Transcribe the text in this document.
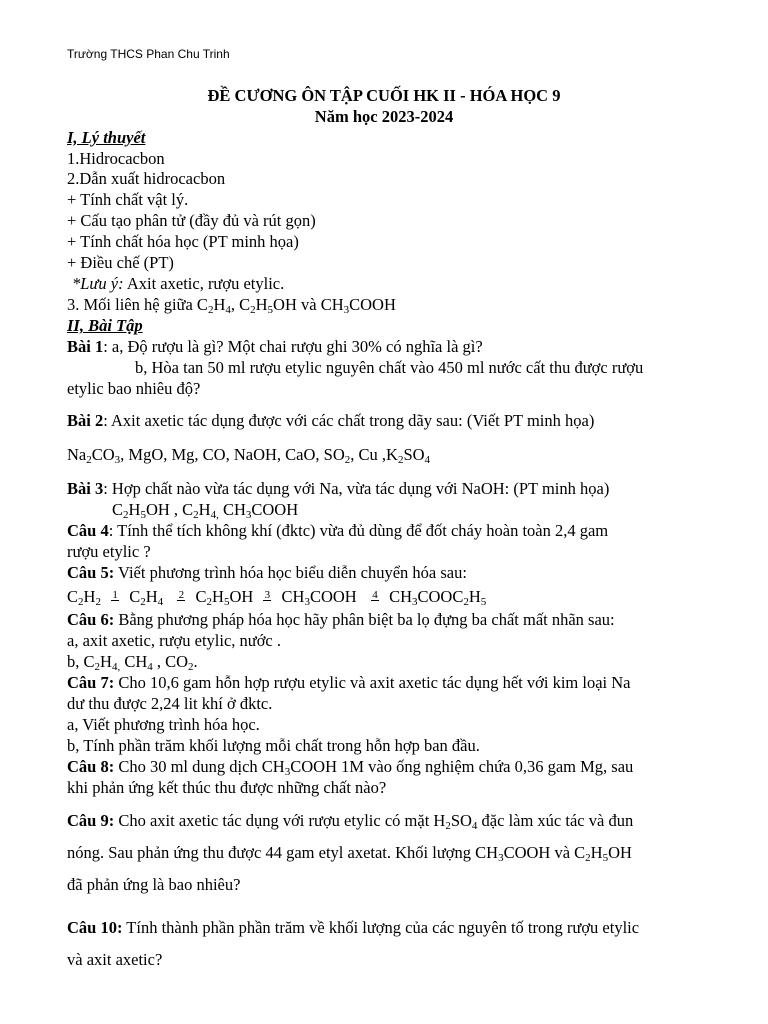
Trường THCS Phan Chu Trinh
ĐỀ CƯƠNG ÔN TẬP CUỐI HK II - HÓA HỌC 9
Năm học 2023-2024
I, Lý thuyết
1.Hidrocacbon
2.Dẫn xuất hidrocacbon
+ Tính chất vật lý.
+ Cấu tạo phân tử (đầy đủ và rút gọn)
+ Tính chất hóa học (PT minh họa)
+ Điều chế (PT)
*Lưu ý: Axit axetic, rượu etylic.
3. Mối liên hệ giữa $C_2H_4$, $C_2H_5OH$ và $CH_3COOH$
II, Bài Tập
Bài 1: a, Độ rượu là gì? Một chai rượu ghi 30% có nghĩa là gì?
b, Hòa tan 50 ml rượu etylic nguyên chất vào 450 ml nước cất thu được rượu
etylic bao nhiêu độ?
Bài 2: Axit axetic tác dụng được với các chất trong dãy sau: (Viết PT minh họa)
$Na_2CO_3$, MgO, Mg, CO, NaOH, CaO, $SO_2$, Cu $,K_2SO_4$
Bài 3: Hợp chất nào vừa tác dụng với Na, vừa tác dụng với NaOH: (PT minh họa)
$C_2H_5OH$ , $C_2H_{4,}$ $CH_3COOH$
Câu 4: Tính thể tích không khí (đktc) vừa đủ dùng để đốt cháy hoàn toàn 2,4 gam
rượu etylic ?
Câu 5: Viết phương trình hóa học biểu diễn chuyển hóa sau:
$C_2H_2$ 1 $C_2H_4$  2 $C_2H_5OH$ 3 $CH_3COOH$  4 $CH_3COOC_2H_5$
Câu 6: Bằng phương pháp hóa học hãy phân biệt ba lọ đựng ba chất mất nhãn sau:
a, axit axetic, rượu etylic, nước .
b, $C_2H_{4,}$ $CH_4$ , $CO_2$.
Câu 7: Cho 10,6 gam hỗn hợp rượu etylic và axit axetic tác dụng hết với kim loại Na
dư thu được 2,24 lit khí ở đktc.
a, Viết phương trình hóa học.
b, Tính phần trăm khối lượng mỗi chất trong hỗn hợp ban đầu.
Câu 8: Cho 30 ml dung dịch $CH_3COOH$ 1M vào ống nghiệm chứa 0,36 gam Mg, sau
khi phản ứng kết thúc thu được những chất nào?
Câu 9: Cho axit axetic tác dụng với rượu etylic có mặt $H_2SO_4$ đặc làm xúc tác và đun
nóng. Sau phản ứng thu được 44 gam etyl axetat. Khối lượng $CH_3COOH$ và $C_2H_5OH$
đã phản ứng là bao nhiêu?
Câu 10: Tính thành phần phần trăm về khối lượng của các nguyên tố trong rượu etylic
và axit axetic?
